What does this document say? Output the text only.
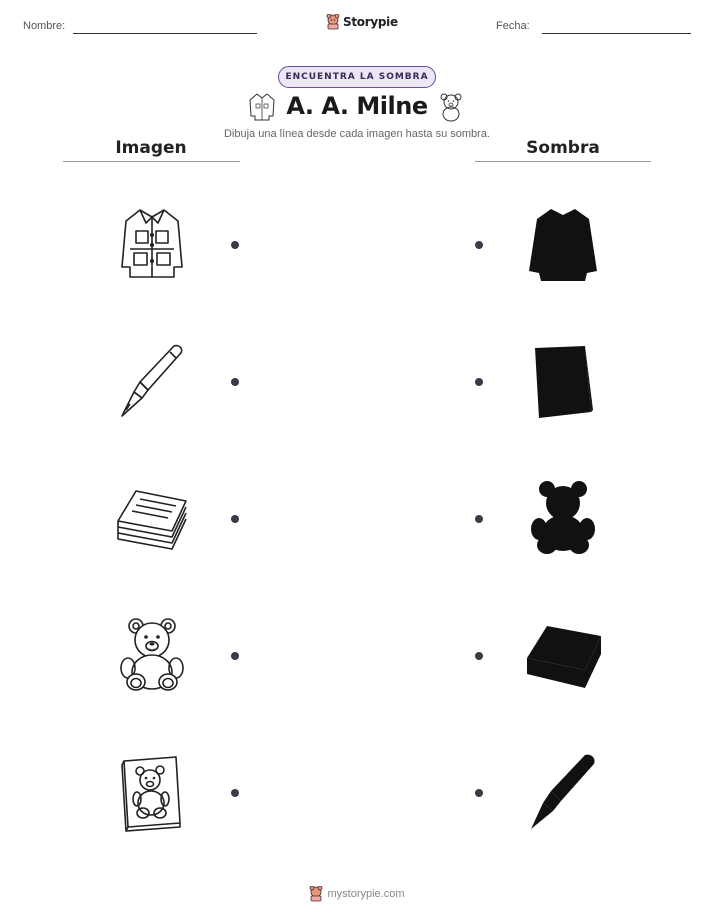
Nombre:	Storypie	Fecha:
ENCUENTRA LA SOMBRA
A. A. Milne
Dibuja una línea desde cada imagen hasta su sombra.
Imagen	Sombra
mystorypie.com
